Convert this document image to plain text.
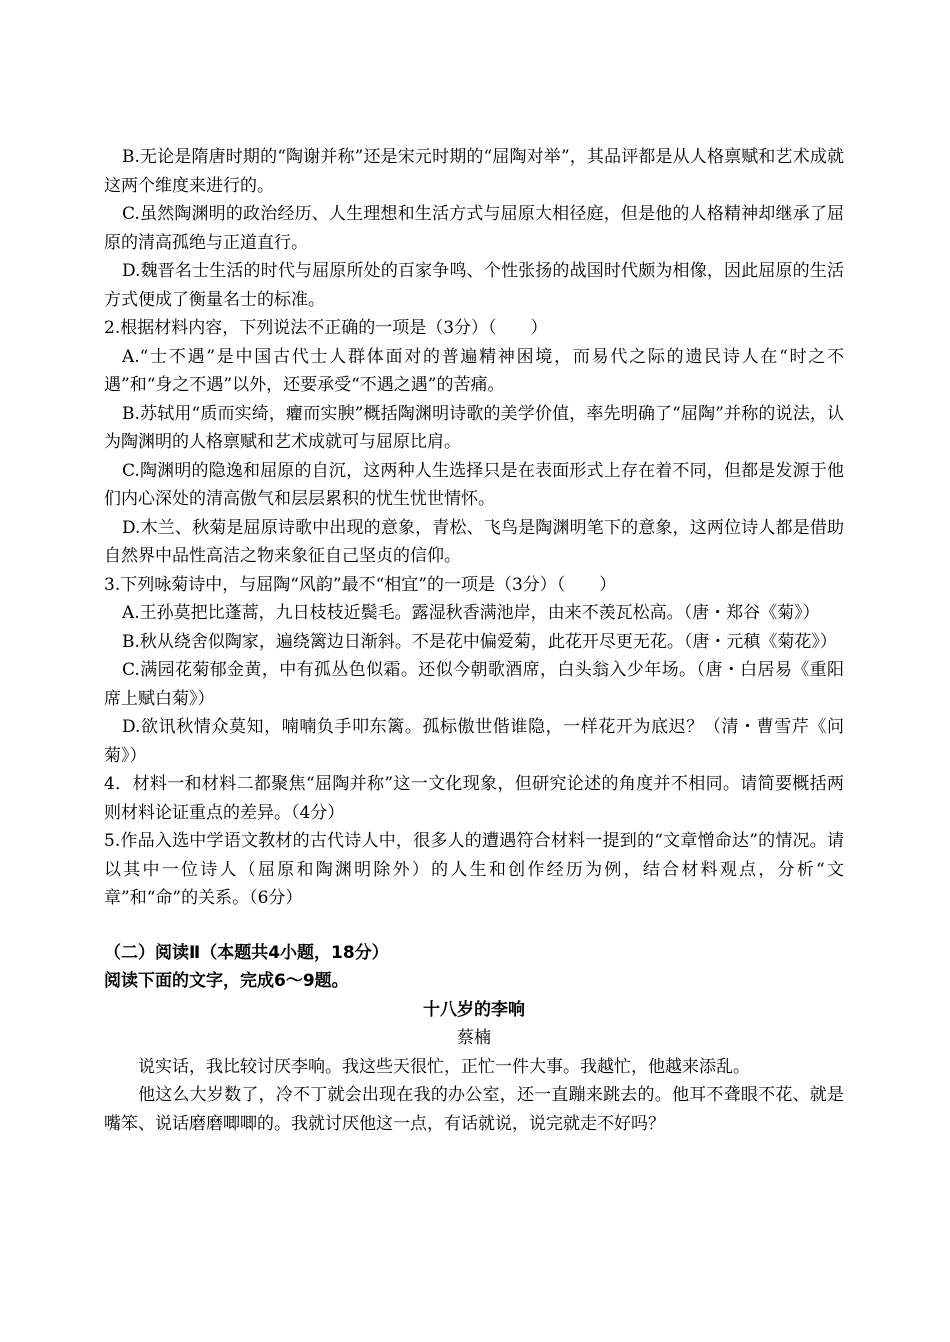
B.无论是隋唐时期的“陶谢并称”还是宋元时期的“屈陶对举”，其品评都是从人格禀赋和艺术成就这两个维度来进行的。

C.虽然陶渊明的政治经历、人生理想和生活方式与屈原大相径庭，但是他的人格精神却继承了屈原的清高孤绝与正道直行。

D.魏晋名士生活的时代与屈原所处的百家争鸣、个性张扬的战国时代颇为相像，因此屈原的生活方式便成了衡量名士的标准。

2.根据材料内容，下列说法不正确的一项是（3分）（　　）

A.“士不遇”是中国古代士人群体面对的普遍精神困境，而易代之际的遗民诗人在“时之不遇”和“身之不遇”以外，还要承受“不遇之遇”的苦痛。

B.苏轼用“质而实绮，癯而实腴”概括陶渊明诗歌的美学价值，率先明确了“屈陶”并称的说法，认为陶渊明的人格禀赋和艺术成就可与屈原比肩。

C.陶渊明的隐逸和屈原的自沉，这两种人生选择只是在表面形式上存在着不同，但都是发源于他们内心深处的清高傲气和层层累积的忧生忧世情怀。

D.木兰、秋菊是屈原诗歌中出现的意象，青松、飞鸟是陶渊明笔下的意象，这两位诗人都是借助自然界中品性高洁之物来象征自己坚贞的信仰。

3.下列咏菊诗中，与屈陶“风韵”最不“相宜”的一项是（3分）（　　）

A.王孙莫把比蓬蒿，九日枝枝近鬓毛。露湿秋香满池岸，由来不羡瓦松高。（唐・郑谷《菊》）

B.秋从绕舍似陶家，遍绕篱边日渐斜。不是花中偏爱菊，此花开尽更无花。（唐・元稹《菊花》）

C.满园花菊郁金黄，中有孤丛色似霜。还似今朝歌酒席，白头翁入少年场。（唐・白居易《重阳席上赋白菊》）

D.欲讯秋情众莫知，喃喃负手叩东篱。孤标傲世偕谁隐，一样花开为底迟？（清・曹雪芹《问菊》）

4．材料一和材料二都聚焦“屈陶并称”这一文化现象，但研究论述的角度并不相同。请简要概括两则材料论证重点的差异。（4分）

5.作品入选中学语文教材的古代诗人中，很多人的遭遇符合材料一提到的“文章憎命达”的情况。请以其中一位诗人（屈原和陶渊明除外）的人生和创作经历为例，结合材料观点，分析“文章”和“命”的关系。（6分）

（二）阅读Ⅱ（本题共4小题，18分）

阅读下面的文字，完成6～9题。

十八岁的李响

蔡楠

说实话，我比较讨厌李响。我这些天很忙，正忙一件大事。我越忙，他越来添乱。

他这么大岁数了，冷不丁就会出现在我的办公室，还一直蹦来跳去的。他耳不聋眼不花、就是嘴笨、说话磨磨唧唧的。我就讨厌他这一点，有话就说，说完就走不好吗？
